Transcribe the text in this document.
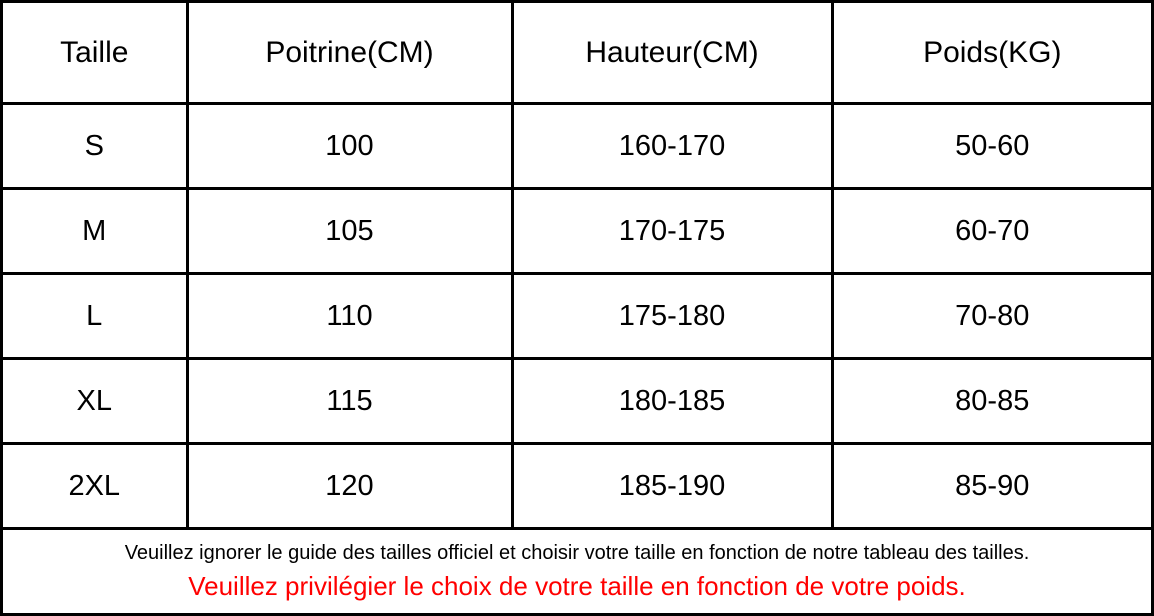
Taille	Poitrine(CM)	Hauteur(CM)	Poids(KG)
S	100	160-170	50-60
M	105	170-175	60-70
L	110	175-180	70-80
XL	115	180-185	80-85
2XL	120	185-190	85-90
Veuillez ignorer le guide des tailles officiel et choisir votre taille en fonction de notre tableau des tailles.
Veuillez privilégier le choix de votre taille en fonction de votre poids.
